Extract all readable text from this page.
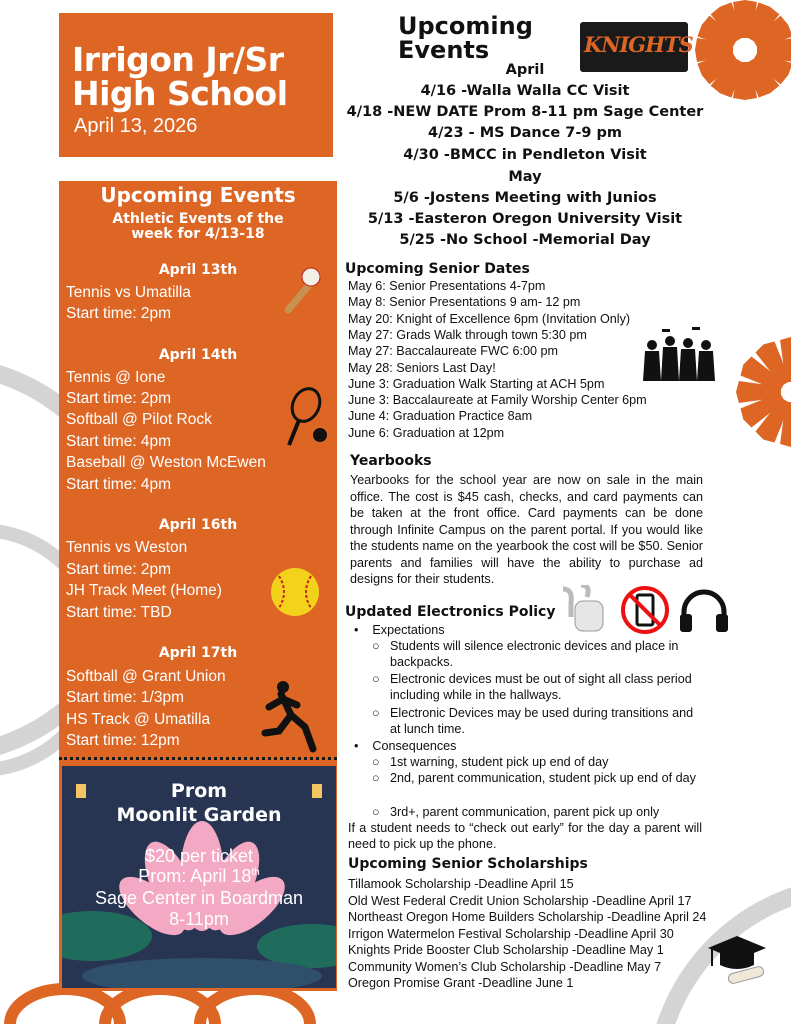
Irrigon Jr/Sr High School
April 13, 2026
Upcoming Events	KNIGHTS
April
4/16 -Walla Walla CC Visit
4/18 -NEW DATE Prom 8-11 pm Sage Center
4/23 - MS Dance 7-9 pm
4/30 -BMCC in Pendleton Visit
May
5/6 -Jostens Meeting with Junios
5/13 -Easteron Oregon University Visit
5/25 -No School -Memorial Day
Upcoming Events
Athletic Events of the
week for 4/13-18
April 13th
Tennis vs Umatilla
Start time: 2pm
April 14th
Tennis @ Ione
Start time: 2pm
Softball @ Pilot Rock
Start time: 4pm
Baseball @ Weston McEwen
Start time: 4pm
April 16th
Tennis vs Weston
Start time: 2pm
JH Track Meet (Home)
Start time: TBD
April 17th
Softball @ Grant Union
Start time: 1/3pm
HS Track @ Umatilla
Start time: 12pm
Prom
Moonlit Garden
$20 per ticket
Prom: April 18th
Sage Center in Boardman
8-11pm
Upcoming Senior Dates
May 6: Senior Presentations 4-7pm
May 8: Senior Presentations 9 am- 12 pm
May 20: Knight of Excellence 6pm (Invitation Only)
May 27: Grads Walk through town 5:30 pm
May 27: Baccalaureate FWC 6:00 pm
May 28: Seniors Last Day!
June 3: Graduation Walk Starting at ACH 5pm
June 3: Baccalaureate at Family Worship Center 6pm
June 4: Graduation Practice 8am
June 6: Graduation at 12pm
Yearbooks
Yearbooks for the school year are now on sale in the main office. The cost is $45 cash, checks, and card payments can be taken at the front office. Card payments can be done through Infinite Campus on the parent portal. If you would like the students name on the yearbook the cost will be $50. Senior parents and families will have the ability to purchase ad designs for their students.
Updated Electronics Policy
•    Expectations
○ Students will silence electronic devices and place in backpacks.
○ Electronic devices must be out of sight all class period including while in the hallways.
○ Electronic Devices may be used during transitions and at lunch time.
•    Consequences
○ 1st warning, student pick up end of day
○ 2nd, parent communication, student pick up end of day
○ 3rd+, parent communication, parent pick up only
If a student needs to “check out early” for the day a parent will need to pick up the phone.
Upcoming Senior Scholarships
Tillamook Scholarship -Deadline April 15
Old West Federal Credit Union Scholarship -Deadline April 17
Northeast Oregon Home Builders Scholarship -Deadline April 24
Irrigon Watermelon Festival Scholarship -Deadline April 30
Knights Pride Booster Club Scholarship -Deadline May 1
Community Women’s Club Scholarship -Deadline May 7
Oregon Promise Grant -Deadline June 1
